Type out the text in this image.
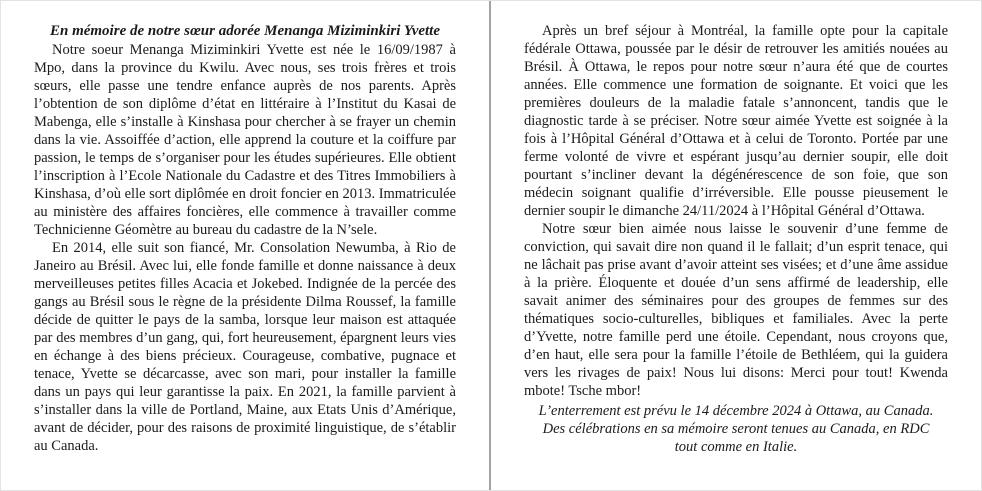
En mémoire de notre sœur adorée Menanga Miziminkiri Yvette

Notre soeur Menanga Miziminkiri Yvette est née le 16/09/1987 à Mpo, dans la province du Kwilu. Avec nous, ses trois frères et trois sœurs, elle passe une tendre enfance auprès de nos parents. Après l’obtention de son diplôme d’état en littéraire à l’Institut du Kasai de Mabenga, elle s’installe à Kinshasa pour chercher à se frayer un chemin dans la vie. Assoiffée d’action, elle apprend la couture et la coiffure par passion, le temps de s’organiser pour les études supérieures. Elle obtient l’inscription à l’Ecole Nationale du Cadastre et des Titres Immobiliers à Kinshasa, d’où elle sort diplômée en droit foncier en 2013. Immatriculée au ministère des affaires foncières, elle commence à travailler comme Technicienne Géomètre au bureau du cadastre de la N’sele.

En 2014, elle suit son fiancé, Mr. Consolation Newumba, à Rio de Janeiro au Brésil. Avec lui, elle fonde famille et donne naissance à deux merveilleuses petites filles Acacia et Jokebed. Indignée de la percée des gangs au Brésil sous le règne de la présidente Dilma Roussef, la famille décide de quitter le pays de la samba, lorsque leur maison est attaquée par des membres d’un gang, qui, fort heureusement, épargnent leurs vies en échange à des biens précieux. Courageuse, combative, pugnace et tenace, Yvette se décarcasse, avec son mari, pour installer la famille dans un pays qui leur garantisse la paix. En 2021, la famille parvient à s’installer dans la ville de Portland, Maine, aux Etats Unis d’Amérique, avant de décider, pour des raisons de proximité linguistique, de s’établir au Canada.

Après un bref séjour à Montréal, la famille opte pour la capitale fédérale Ottawa, poussée par le désir de retrouver les amitiés nouées au Brésil. À Ottawa, le repos pour notre sœur n’aura été que de courtes années. Elle commence une formation de soignante. Et voici que les premières douleurs de la maladie fatale s’annoncent, tandis que le diagnostic tarde à se préciser. Notre sœur aimée Yvette est soignée à la fois à l’Hôpital Général d’Ottawa et à celui de Toronto. Portée par une ferme volonté de vivre et espérant jusqu’au dernier soupir, elle doit pourtant s’incliner devant la dégénérescence de son foie, que son médecin soignant qualifie d’irréversible. Elle pousse pieusement le dernier soupir le dimanche 24/11/2024 à l’Hôpital Général d’Ottawa.

Notre sœur bien aimée nous laisse le souvenir d’une femme de conviction, qui savait dire non quand il le fallait; d’un esprit tenace, qui ne lâchait pas prise avant d’avoir atteint ses visées; et d’une âme assidue à la prière. Éloquente et douée d’un sens affirmé de leadership, elle savait animer des séminaires pour des groupes de femmes sur des thématiques socio-culturelles, bibliques et familiales. Avec la perte d’Yvette, notre famille perd une étoile. Cependant, nous croyons que, d’en haut, elle sera pour la famille l’étoile de Bethléem, qui la guidera vers les rivages de paix! Nous lui disons: Merci pour tout! Kwenda mbote! Tsche mbor!

L’enterrement est prévu le 14 décembre 2024 à Ottawa, au Canada. Des célébrations en sa mémoire seront tenues au Canada, en RDC tout comme en Italie.
